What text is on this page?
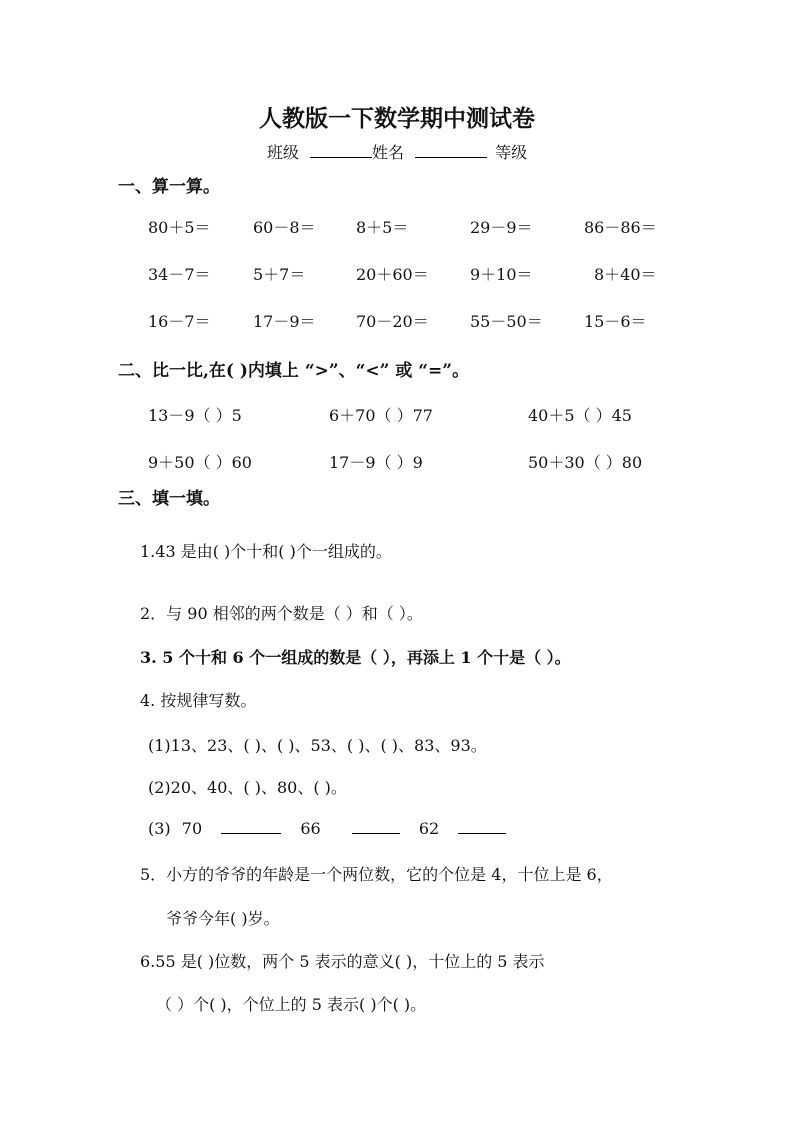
人教版一下数学期中测试卷
班级	姓名	等级
一、算一算。
80＋5＝	60－8＝	8＋5＝	29－9＝	86－86＝
34－7＝	5＋7＝	20＋60＝	9＋10＝	8＋40＝
16－7＝	17－9＝	70－20＝	55－50＝	15－6＝
二、比一比,在( )内填上 “>”、“<” 或 “=”。
13－9（ ）5	6＋70（ ）77	40＋5（ ）45
9＋50（ ）60	17－9（ ）9	50＋30（ ）80
三、填一填。
1.43 是由( )个十和( )个一组成的。
2．与 90 相邻的两个数是（ ）和（ ）。
3. 5 个十和 6 个一组成的数是（ ），再添上 1 个十是（ ）。
4. 按规律写数。
(1)13、23、( )、( )、53、( )、( )、83、93。
(2)20、40、( )、80、( )。
(3) 70	66	62
5．小方的爷爷的年龄是一个两位数，它的个位是 4，十位上是 6，
爷爷今年( )岁。
6.55 是( )位数，两个 5 表示的意义( )，十位上的 5 表示
（ ）个( )，个位上的 5 表示( )个( )。
